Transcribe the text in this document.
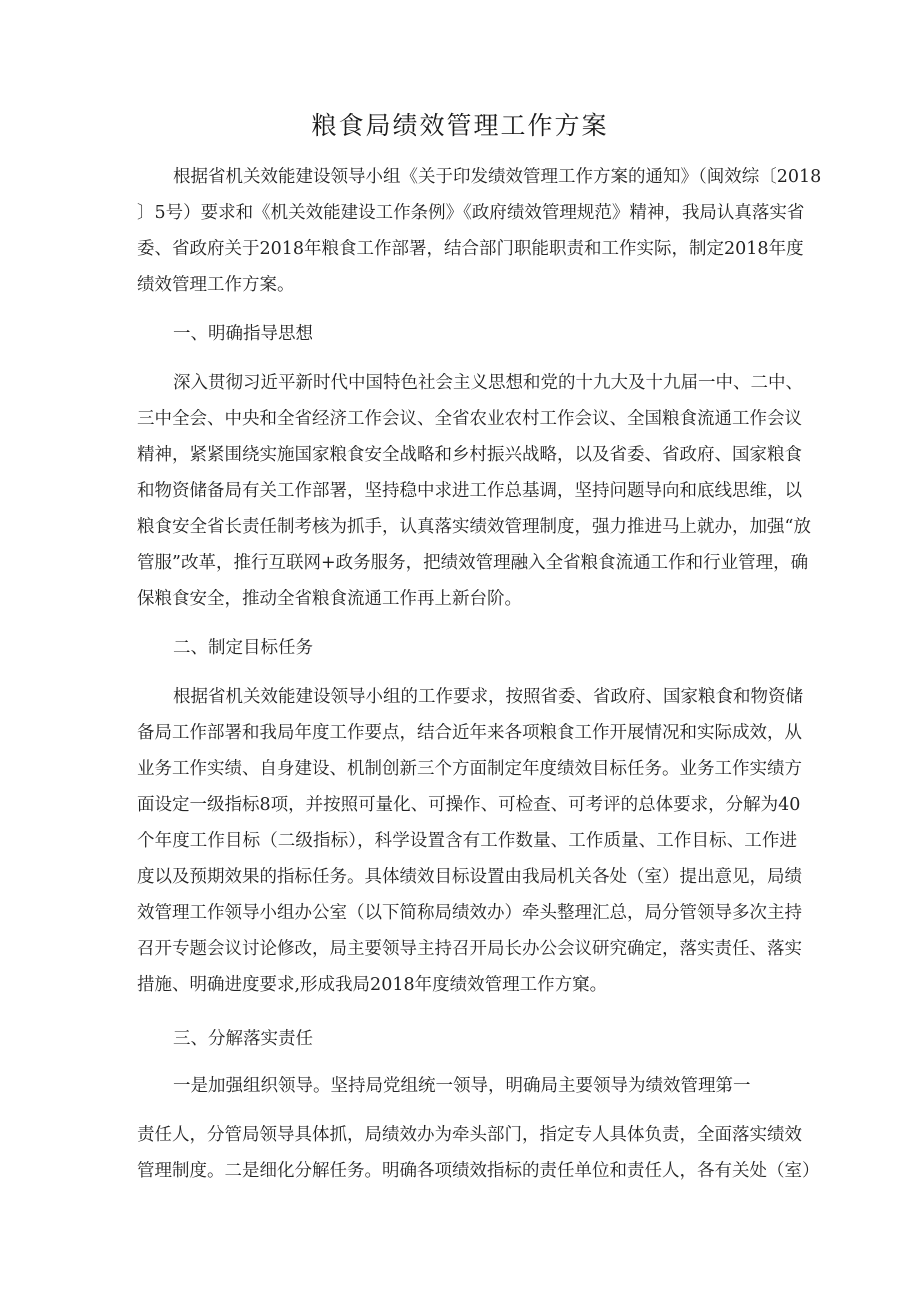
粮食局绩效管理工作方案
根据省机关效能建设领导小组《关于印发绩效管理工作方案的通知》（闽效综〔2018
〕5号）要求和《机关效能建设工作条例》《政府绩效管理规范》精神，我局认真落实省
委、省政府关于2018年粮食工作部署，结合部门职能职责和工作实际，制定2018年度
绩效管理工作方案。
一、明确指导思想
深入贯彻习近平新时代中国特色社会主义思想和党的十九大及十九届一中、二中、
三中全会、中央和全省经济工作会议、全省农业农村工作会议、全国粮食流通工作会议
精神，紧紧围绕实施国家粮食安全战略和乡村振兴战略，以及省委、省政府、国家粮食
和物资储备局有关工作部署，坚持稳中求进工作总基调，坚持问题导向和底线思维，以
粮食安全省长责任制考核为抓手，认真落实绩效管理制度，强力推进马上就办，加强“放
管服”改革，推行互联网+政务服务，把绩效管理融入全省粮食流通工作和行业管理，确
保粮食安全，推动全省粮食流通工作再上新台阶。
二、制定目标任务
根据省机关效能建设领导小组的工作要求，按照省委、省政府、国家粮食和物资储
备局工作部署和我局年度工作要点，结合近年来各项粮食工作开展情况和实际成效，从
业务工作实绩、自身建设、机制创新三个方面制定年度绩效目标任务。业务工作实绩方
面设定一级指标8项，并按照可量化、可操作、可检查、可考评的总体要求，分解为40
个年度工作目标（二级指标），科学设置含有工作数量、工作质量、工作目标、工作进
度以及预期效果的指标任务。具体绩效目标设置由我局机关各处（室）提出意见，局绩
效管理工作领导小组办公室（以下简称局绩效办）牵头整理汇总，局分管领导多次主持
召开专题会议讨论修改，局主要领导主持召开局长办公会议研究确定，落实责任、落实
措施、明确进度要求,形成我局2018年度绩效管理工作方窠。
三、分解落实责任
一是加强组织领导。坚持局党组统一领导，明确局主要领导为绩效管理第一
责任人，分管局领导具体抓，局绩效办为牵头部门，指定专人具体负责，全面落实绩效
管理制度。二是细化分解任务。明确各项绩效指标的责任单位和责任人，各有关处（室）
